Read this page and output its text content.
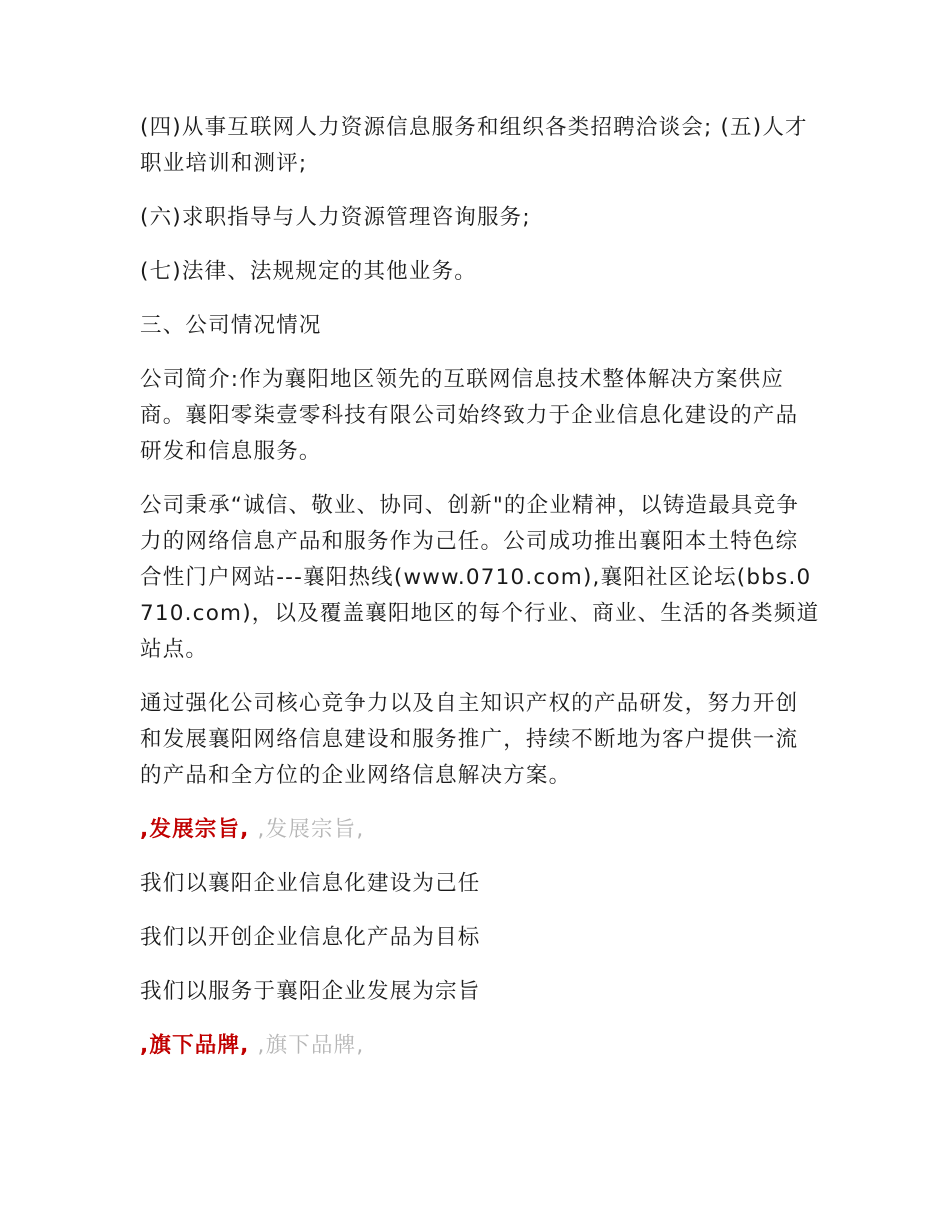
(四)从事互联网人力资源信息服务和组织各类招聘洽谈会; (五)人才职业培训和测评;

(六)求职指导与人力资源管理咨询服务;

(七)法律、法规规定的其他业务。

三、公司情况情况

公司简介:作为襄阳地区领先的互联网信息技术整体解决方案供应商。襄阳零柒壹零科技有限公司始终致力于企业信息化建设的产品研发和信息服务。

公司秉承“诚信、敬业、协同、创新"的企业精神，以铸造最具竞争力的网络信息产品和服务作为己任。公司成功推出襄阳本土特色综合性门户网站---襄阳热线(www.0710.com),襄阳社区论坛(bbs.0710.com)，以及覆盖襄阳地区的每个行业、商业、生活的各类频道站点。

通过强化公司核心竞争力以及自主知识产权的产品研发，努力开创和发展襄阳网络信息建设和服务推广，持续不断地为客户提供一流的产品和全方位的企业网络信息解决方案。

,发展宗旨, ,发展宗旨,

我们以襄阳企业信息化建设为己任

我们以开创企业信息化产品为目标

我们以服务于襄阳企业发展为宗旨

,旗下品牌, ,旗下品牌,
